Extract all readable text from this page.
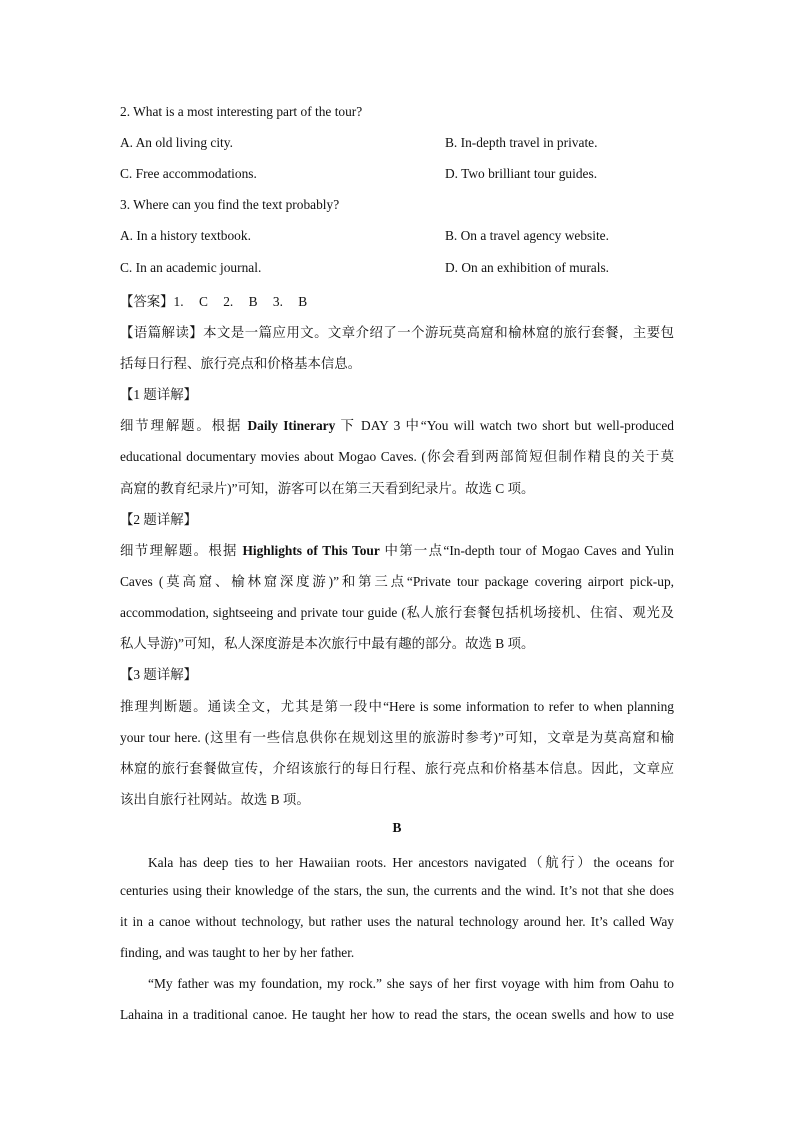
2. What is a most interesting part of the tour?
A. An old living city.	B. In-depth travel in private.
C. Free accommodations.	D. Two brilliant tour guides.
3. Where can you find the text probably?
A. In a history textbook.	B. On a travel agency website.
C. In an academic journal.	D. On an exhibition of murals.
【答案】1. C 2. B 3. B
【语篇解读】本文是一篇应用文。文章介绍了一个游玩莫高窟和榆林窟的旅行套餐，主要包
括每日行程、旅行亮点和价格基本信息。
【1 题详解】
细节理解题。根据 Daily Itinerary 下 DAY 3 中“You will watch two short but well-produced
educational documentary movies about Mogao Caves. (你会看到两部简短但制作精良的关于莫
高窟的教育纪录片)”可知，游客可以在第三天看到纪录片。故选 C 项。
【2 题详解】
细节理解题。根据 Highlights of This Tour 中第一点“In-depth tour of Mogao Caves and Yulin
Caves (莫高窟、榆林窟深度游)”和第三点“Private tour package covering airport pick-up,
accommodation, sightseeing and private tour guide (私人旅行套餐包括机场接机、住宿、观光及
私人导游)”可知，私人深度游是本次旅行中最有趣的部分。故选 B 项。
【3 题详解】
推理判断题。通读全文，尤其是第一段中“Here is some information to refer to when planning
your tour here. (这里有一些信息供你在规划这里的旅游时参考)”可知，文章是为莫高窟和榆
林窟的旅行套餐做宣传，介绍该旅行的每日行程、旅行亮点和价格基本信息。因此，文章应
该出自旅行社网站。故选 B 项。
B
Kala has deep ties to her Hawaiian roots. Her ancestors navigated（航行）the oceans for
centuries using their knowledge of the stars, the sun, the currents and the wind. It’s not that she does
it in a canoe without technology, but rather uses the natural technology around her. It’s called Way
finding, and was taught to her by her father.
“My father was my foundation, my rock.” she says of her first voyage with him from Oahu to
Lahaina in a traditional canoe. He taught her how to read the stars, the ocean swells and how to use
